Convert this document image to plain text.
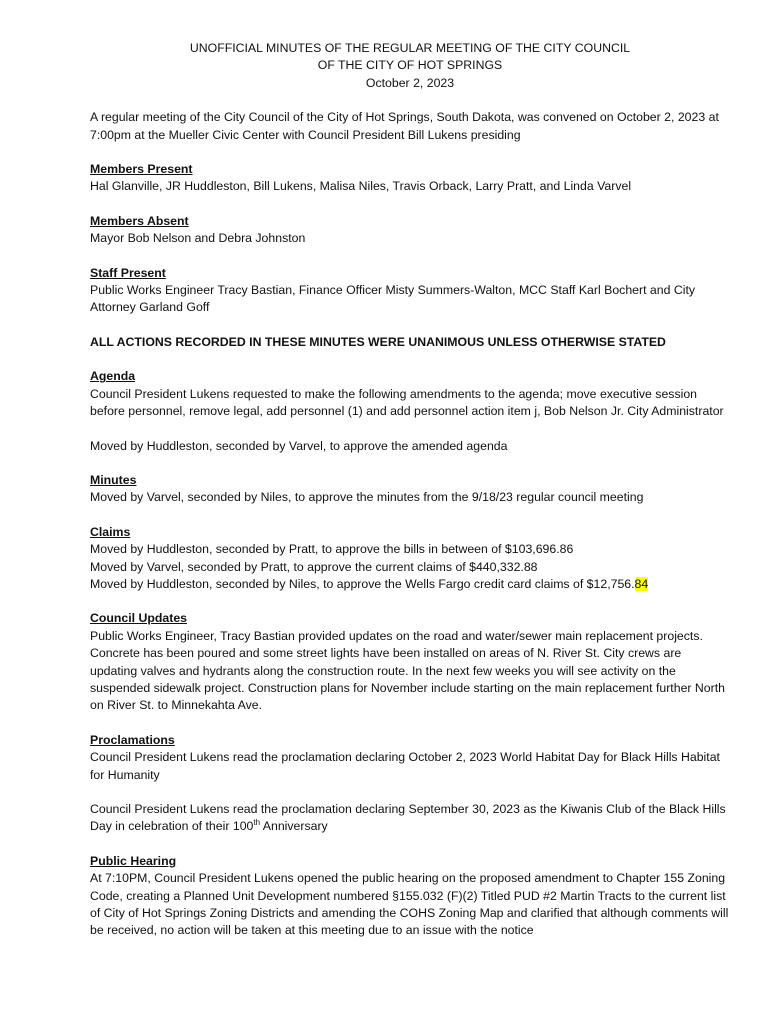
UNOFFICIAL MINUTES OF THE REGULAR MEETING OF THE CITY COUNCIL

OF THE CITY OF HOT SPRINGS

October 2, 2023

A regular meeting of the City Council of the City of Hot Springs, South Dakota, was convened on October 2, 2023 at 7:00pm at the Mueller Civic Center with Council President Bill Lukens presiding

Members Present

Hal Glanville, JR Huddleston, Bill Lukens, Malisa Niles, Travis Orback, Larry Pratt, and Linda Varvel

Members Absent

Mayor Bob Nelson and Debra Johnston

Staff Present

Public Works Engineer Tracy Bastian, Finance Officer Misty Summers-Walton, MCC Staff Karl Bochert and City Attorney Garland Goff

ALL ACTIONS RECORDED IN THESE MINUTES WERE UNANIMOUS UNLESS OTHERWISE STATED

Agenda

Council President Lukens requested to make the following amendments to the agenda; move executive session before personnel, remove legal, add personnel (1) and add personnel action item j, Bob Nelson Jr. City Administrator

Moved by Huddleston, seconded by Varvel, to approve the amended agenda

Minutes

Moved by Varvel, seconded by Niles, to approve the minutes from the 9/18/23 regular council meeting

Claims

Moved by Huddleston, seconded by Pratt, to approve the bills in between of $103,696.86

Moved by Varvel, seconded by Pratt, to approve the current claims of $440,332.88

Moved by Huddleston, seconded by Niles, to approve the Wells Fargo credit card claims of $12,756.84

Council Updates

Public Works Engineer, Tracy Bastian provided updates on the road and water/sewer main replacement projects. Concrete has been poured and some street lights have been installed on areas of N. River St. City crews are updating valves and hydrants along the construction route. In the next few weeks you will see activity on the suspended sidewalk project. Construction plans for November include starting on the main replacement further North on River St. to Minnekahta Ave.

Proclamations

Council President Lukens read the proclamation declaring October 2, 2023 World Habitat Day for Black Hills Habitat for Humanity

Council President Lukens read the proclamation declaring September 30, 2023 as the Kiwanis Club of the Black Hills Day in celebration of their 100th Anniversary

Public Hearing

At 7:10PM, Council President Lukens opened the public hearing on the proposed amendment to Chapter 155 Zoning Code, creating a Planned Unit Development numbered §155.032 (F)(2) Titled PUD #2 Martin Tracts to the current list of City of Hot Springs Zoning Districts and amending the COHS Zoning Map and clarified that although comments will be received, no action will be taken at this meeting due to an issue with the notice
